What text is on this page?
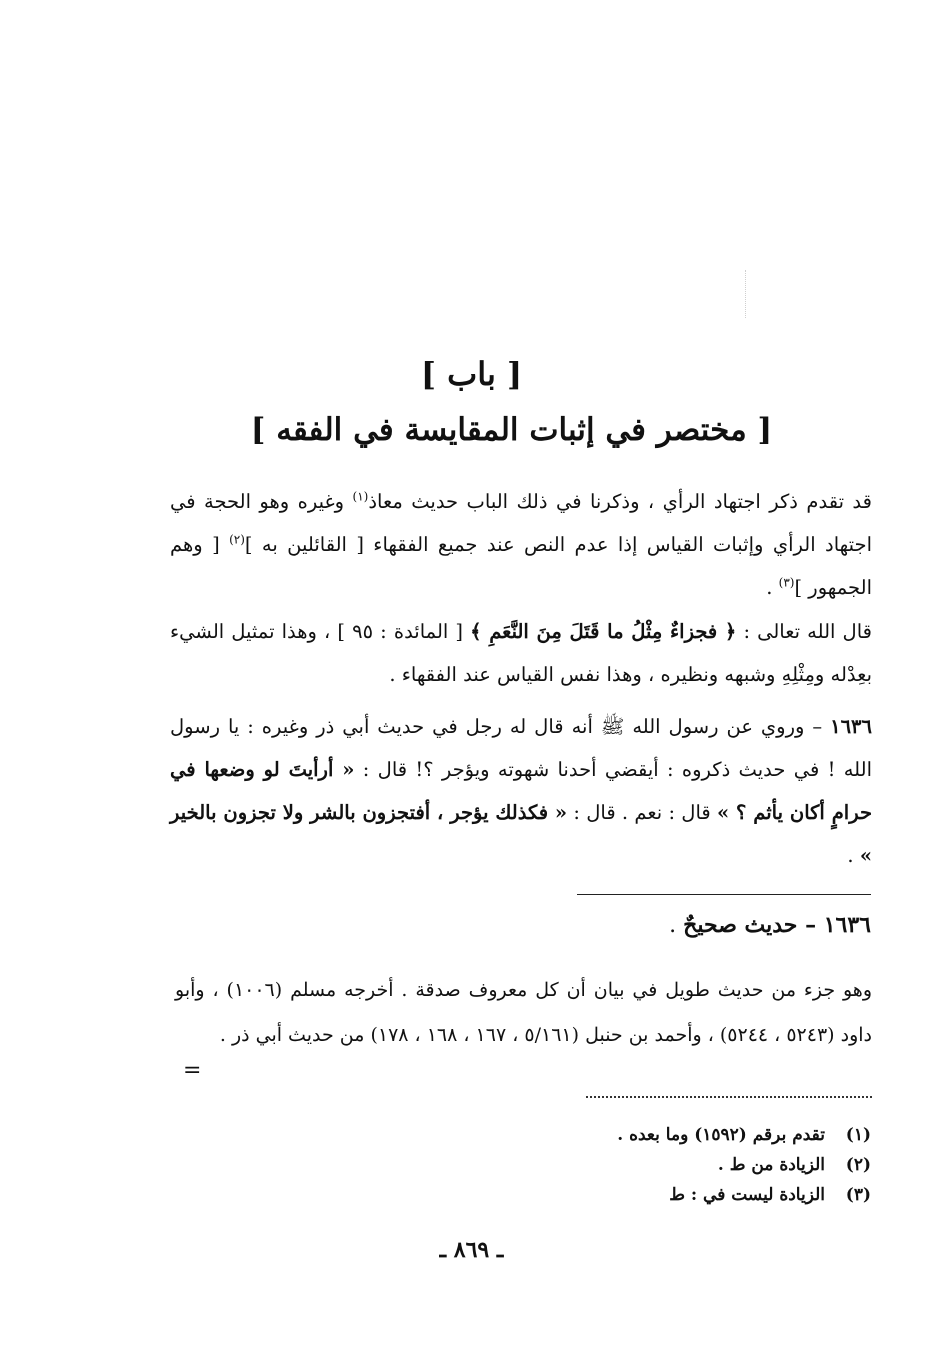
[ باب ]
[ مختصر في إثبات المقايسة في الفقه ]
قد تقدم ذكر اجتهاد الرأي ، وذكرنا في ذلك الباب حديث معاذ$^{(١)}$ وغيره وهو الحجة في اجتهاد الرأي وإثبات القياس إذا عدم النص عند جميع الفقهاء [ القائلين به ]$^{(٢)}$ [ وهم الجمهور ]$^{(٣)}$ .
قال الله تعالى : ﴿ فجزاءٌ مِثْلُ ما قَتَلَ مِنَ النَّعَمِ ﴾ [ المائدة : ٩٥ ] ، وهذا تمثيل الشيء بعِدْله ومِثْلِهِ وشبهه ونظيره ، وهذا نفس القياس عند الفقهاء .
١٦٣٦ – وروي عن رسول الله ﷺ أنه قال له رجل في حديث أبي ذر وغيره : يا رسول الله ! في حديث ذكروه : أيقضي أحدنا شهوته ويؤجر ؟! قال : « أرأيتَ لو وضعها في حرامٍ أكان يأثم ؟ » قال : نعم . قال : « فكذلك يؤجر ، أفتجزون بالشر ولا تجزون بالخير » .
١٦٣٦ – حديث صحيحٌ .
وهو جزء من حديث طويل في بيان أن كل معروف صدقة . أخرجه مسلم (١٠٠٦) ، وأبو داود (٥٢٤٣ ، ٥٢٤٤) ، وأحمد بن حنبل (٥/١٦١ ، ١٦٧ ، ١٦٨ ، ١٧٨) من حديث أبي ذر .
=
(١)تقدم برقم (١٥٩٢) وما بعده .
(٢)الزيادة من ط .
(٣)الزيادة ليست في : ط
ـ ٨٦٩ ـ
